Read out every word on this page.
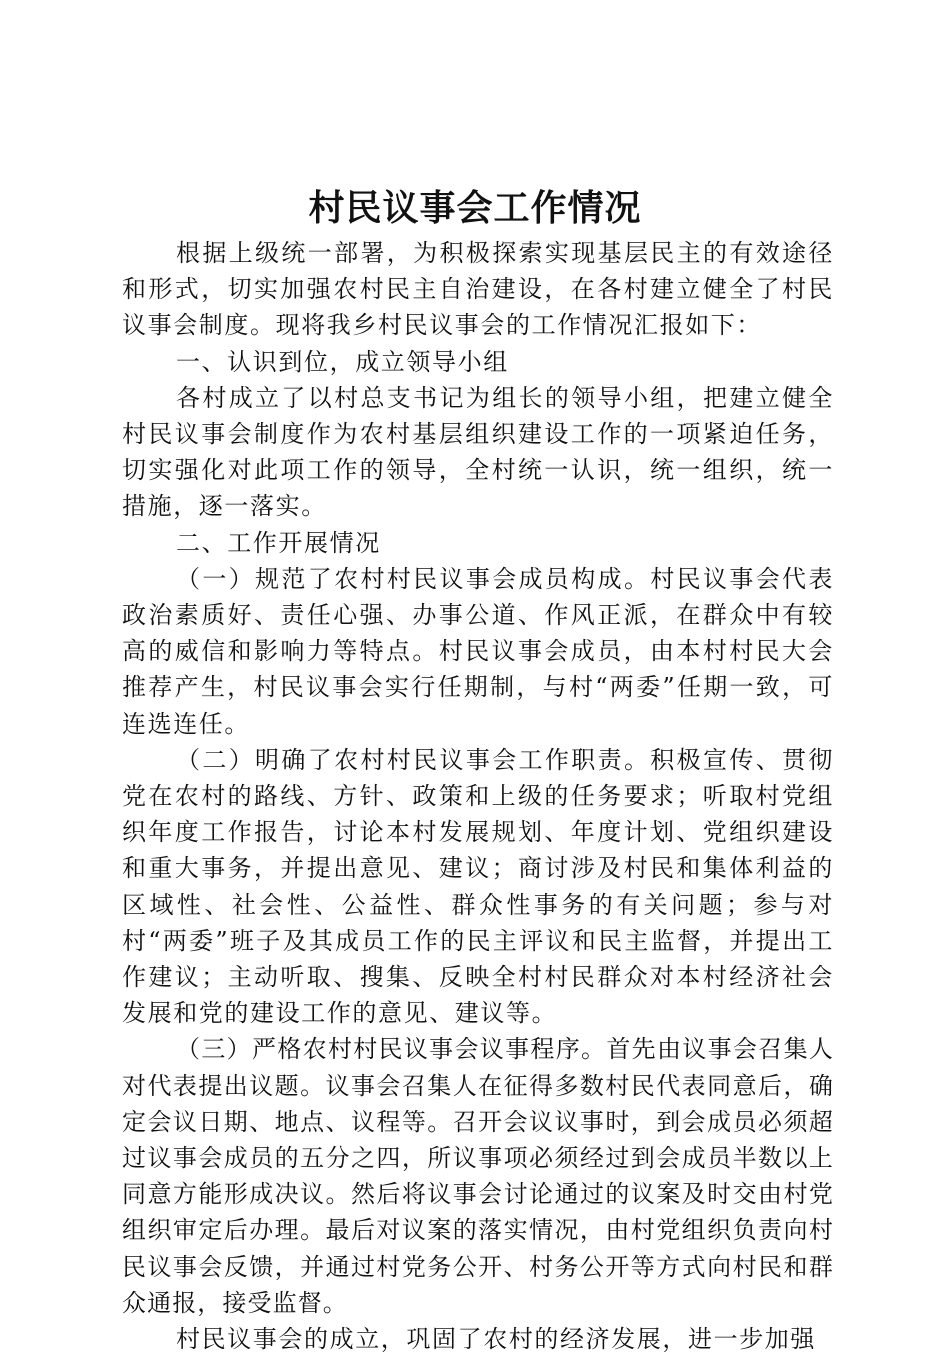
村民议事会工作情况

根据上级统一部署，为积极探索实现基层民主的有效途径和形式，切实加强农村民主自治建设，在各村建立健全了村民议事会制度。现将我乡村民议事会的工作情况汇报如下：

一、认识到位，成立领导小组

各村成立了以村总支书记为组长的领导小组，把建立健全村民议事会制度作为农村基层组织建设工作的一项紧迫任务，切实强化对此项工作的领导，全村统一认识，统一组织，统一措施，逐一落实。

二、工作开展情况

（一）规范了农村村民议事会成员构成。村民议事会代表政治素质好、责任心强、办事公道、作风正派，在群众中有较高的威信和影响力等特点。村民议事会成员，由本村村民大会推荐产生，村民议事会实行任期制，与村“两委”任期一致，可连选连任。

（二）明确了农村村民议事会工作职责。积极宣传、贯彻党在农村的路线、方针、政策和上级的任务要求；听取村党组织年度工作报告，讨论本村发展规划、年度计划、党组织建设和重大事务，并提出意见、建议；商讨涉及村民和集体利益的区域性、社会性、公益性、群众性事务的有关问题；参与对村“两委”班子及其成员工作的民主评议和民主监督，并提出工作建议；主动听取、搜集、反映全村村民群众对本村经济社会发展和党的建设工作的意见、建议等。

（三）严格农村村民议事会议事程序。首先由议事会召集人对代表提出议题。议事会召集人在征得多数村民代表同意后，确定会议日期、地点、议程等。召开会议议事时，到会成员必须超过议事会成员的五分之四，所议事项必须经过到会成员半数以上同意方能形成决议。然后将议事会讨论通过的议案及时交由村党组织审定后办理。最后对议案的落实情况，由村党组织负责向村民议事会反馈，并通过村党务公开、村务公开等方式向村民和群众通报，接受监督。

村民议事会的成立，巩固了农村的经济发展，进一步加强
